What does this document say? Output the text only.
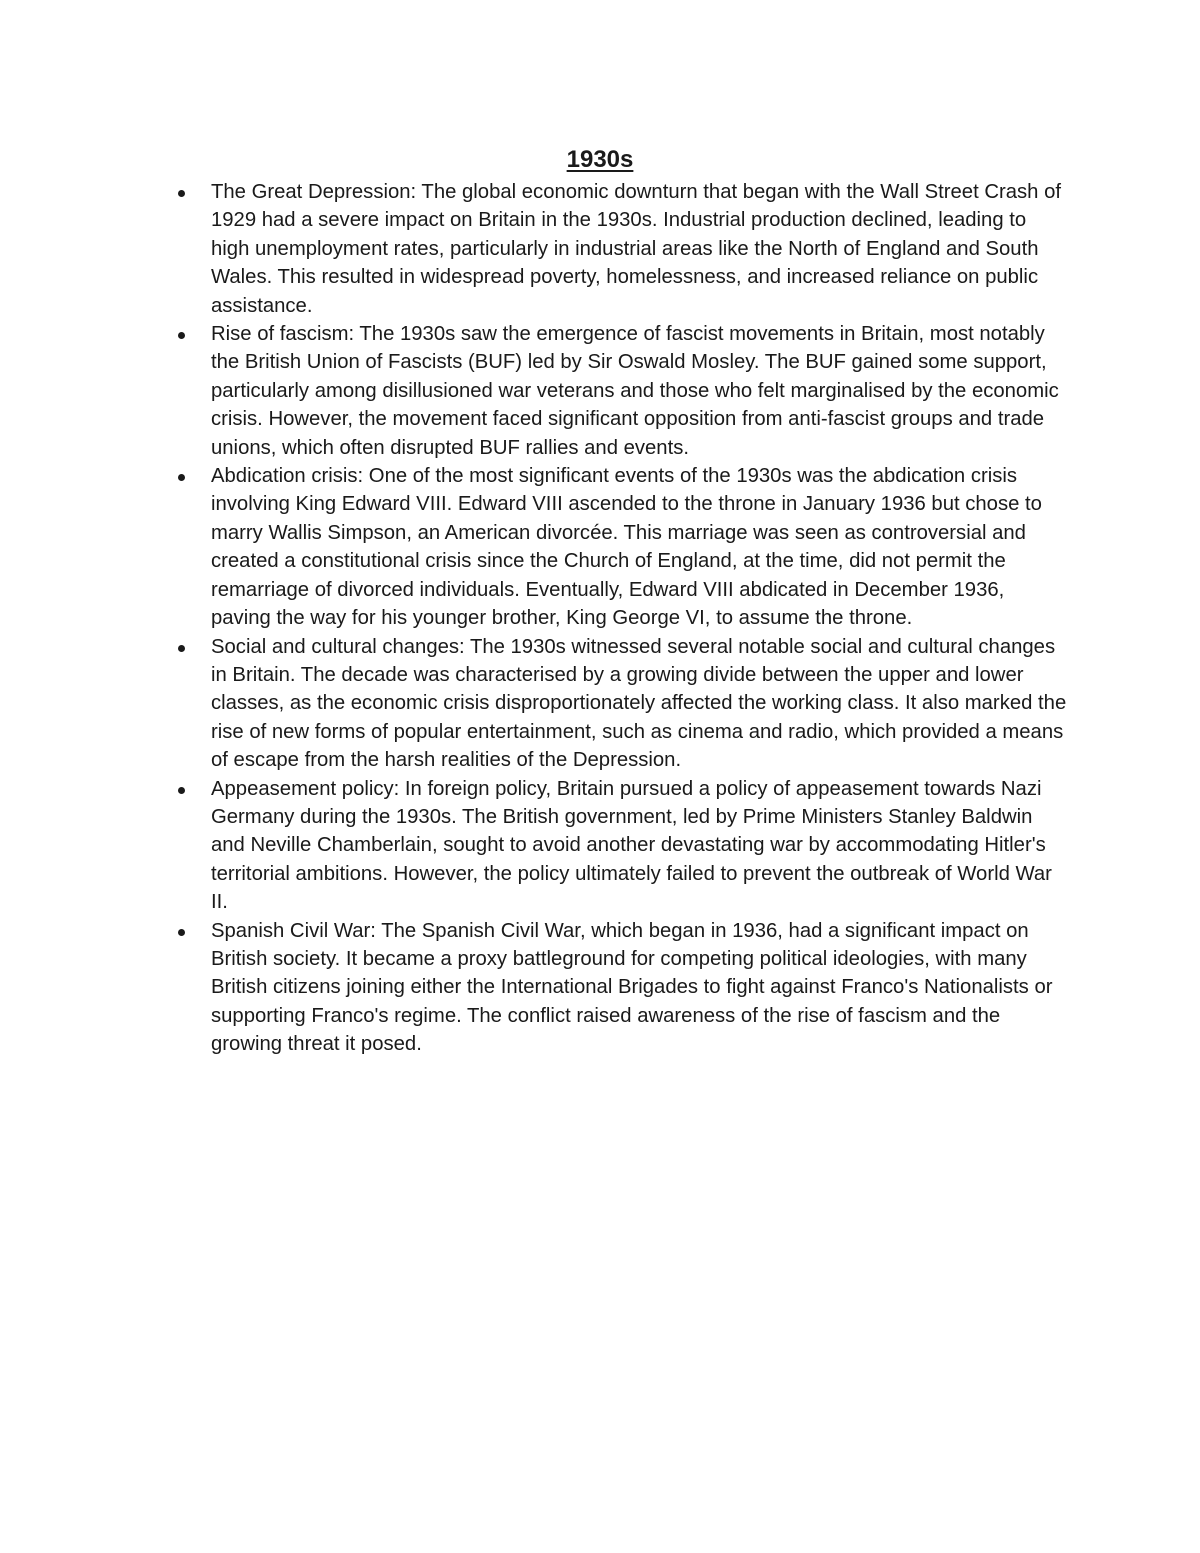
1930s
The Great Depression: The global economic downturn that began with the Wall Street Crash of 1929 had a severe impact on Britain in the 1930s. Industrial production declined, leading to high unemployment rates, particularly in industrial areas like the North of England and South Wales. This resulted in widespread poverty, homelessness, and increased reliance on public assistance.
Rise of fascism: The 1930s saw the emergence of fascist movements in Britain, most notably the British Union of Fascists (BUF) led by Sir Oswald Mosley. The BUF gained some support, particularly among disillusioned war veterans and those who felt marginalised by the economic crisis. However, the movement faced significant opposition from anti-fascist groups and trade unions, which often disrupted BUF rallies and events.
Abdication crisis: One of the most significant events of the 1930s was the abdication crisis involving King Edward VIII. Edward VIII ascended to the throne in January 1936 but chose to marry Wallis Simpson, an American divorcée. This marriage was seen as controversial and created a constitutional crisis since the Church of England, at the time, did not permit the remarriage of divorced individuals. Eventually, Edward VIII abdicated in December 1936, paving the way for his younger brother, King George VI, to assume the throne.
Social and cultural changes: The 1930s witnessed several notable social and cultural changes in Britain. The decade was characterised by a growing divide between the upper and lower classes, as the economic crisis disproportionately affected the working class. It also marked the rise of new forms of popular entertainment, such as cinema and radio, which provided a means of escape from the harsh realities of the Depression.
Appeasement policy: In foreign policy, Britain pursued a policy of appeasement towards Nazi Germany during the 1930s. The British government, led by Prime Ministers Stanley Baldwin and Neville Chamberlain, sought to avoid another devastating war by accommodating Hitler's territorial ambitions. However, the policy ultimately failed to prevent the outbreak of World War II.
Spanish Civil War: The Spanish Civil War, which began in 1936, had a significant impact on British society. It became a proxy battleground for competing political ideologies, with many British citizens joining either the International Brigades to fight against Franco's Nationalists or supporting Franco's regime. The conflict raised awareness of the rise of fascism and the growing threat it posed.
